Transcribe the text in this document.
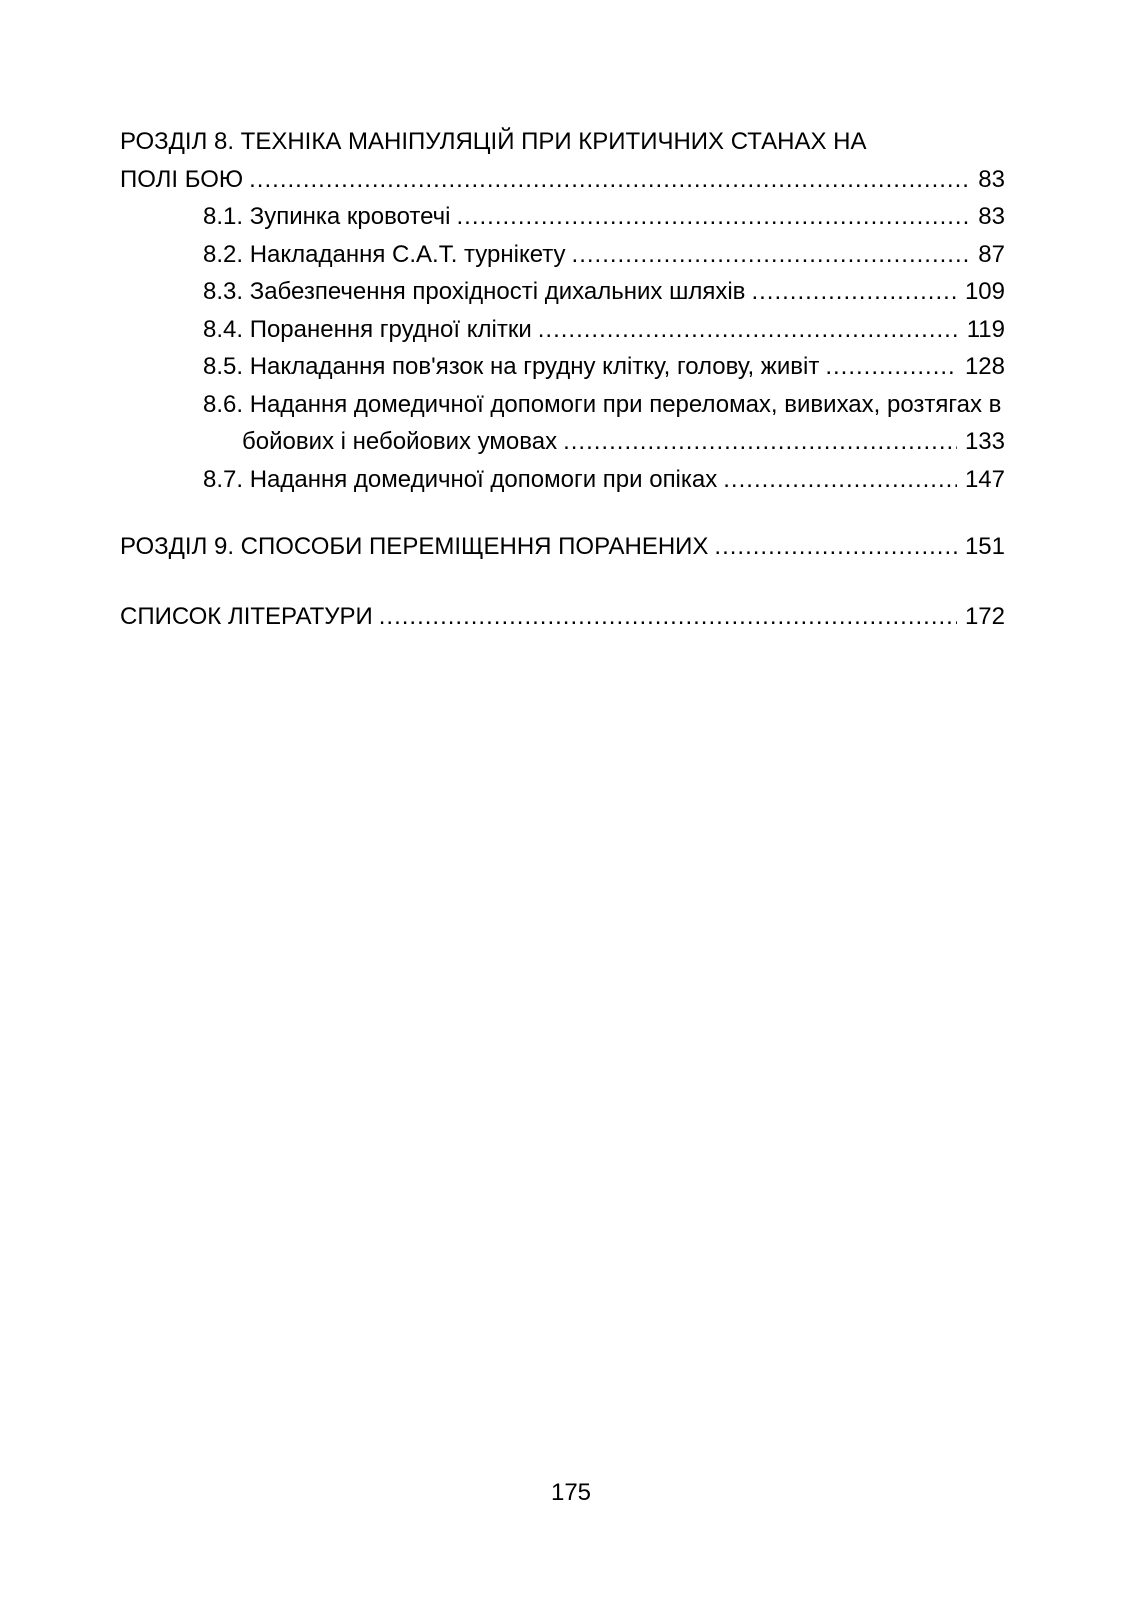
РОЗДІЛ 8. ТЕХНІКА МАНІПУЛЯЦІЙ ПРИ КРИТИЧНИХ СТАНАХ НА
ПОЛІ БОЮ .....	83
8.1. Зупинка кровотечі .....	83
8.2. Накладання С.А.Т. турнікету .....	87
8.3. Забезпечення прохідності дихальних шляхів .....	109
8.4. Поранення грудної клітки .....	119
8.5. Накладання пов'язок на грудну клітку, голову, живіт .....	128
8.6. Надання домедичної допомоги при переломах, вивихах, розтягах в
бойових і небойових умовах .....	133
8.7. Надання домедичної допомоги при опіках .....	147
РОЗДІЛ 9. СПОСОБИ ПЕРЕМІЩЕННЯ ПОРАНЕНИХ .....	151
СПИСОК ЛІТЕРАТУРИ .....	172
175
